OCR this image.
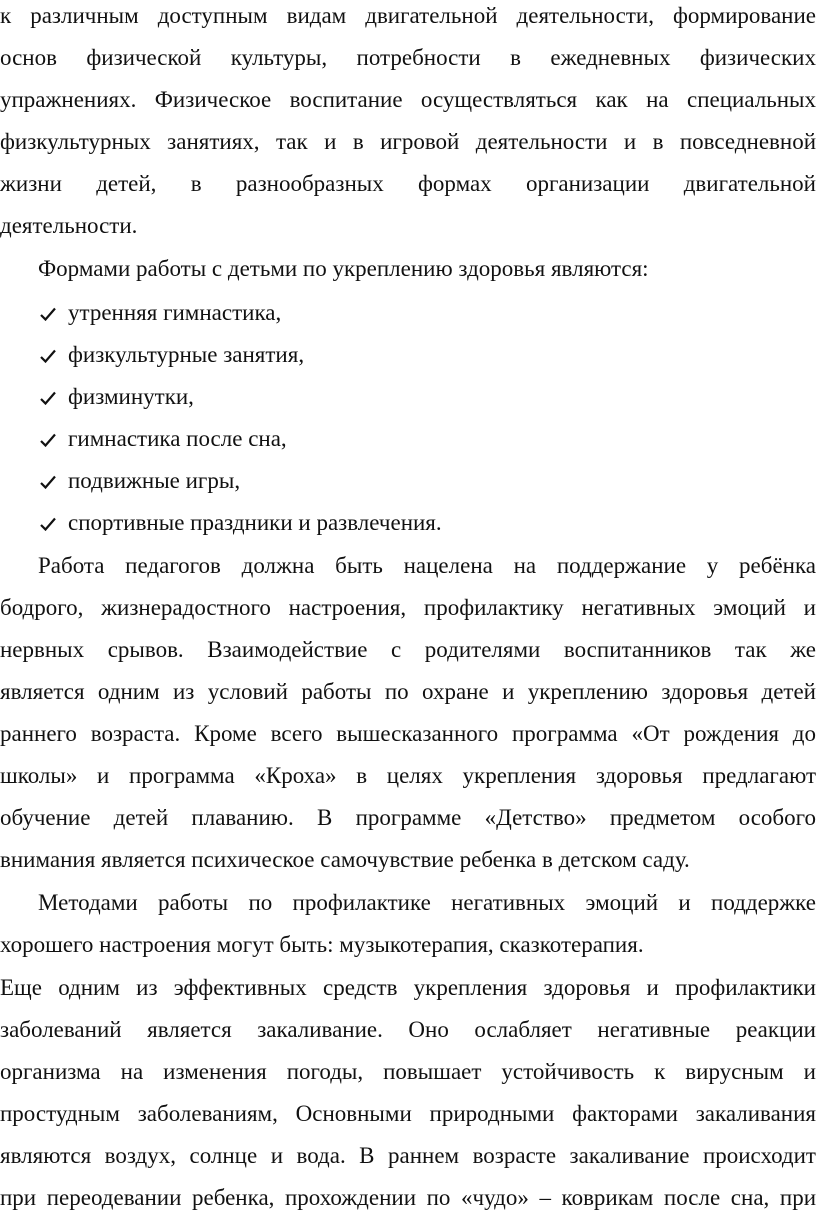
к различным доступным видам двигательной деятельности, формирование
основ физической культуры, потребности в ежедневных физических
упражнениях. Физическое воспитание осуществляться как на специальных
физкультурных занятиях, так и в игровой деятельности и в повседневной
жизни детей, в разнообразных формах организации двигательной
деятельности.
Формами работы с детьми по укреплению здоровья являются:
утренняя гимнастика,
физкультурные занятия,
физминутки,
гимнастика после сна,
подвижные игры,
спортивные праздники и развлечения.
Работа педагогов должна быть нацелена на поддержание у ребёнка
бодрого, жизнерадостного настроения, профилактику негативных эмоций и
нервных срывов. Взаимодействие с родителями воспитанников так же
является одним из условий работы по охране и укреплению здоровья детей
раннего возраста. Кроме всего вышесказанного программа «От рождения до
школы» и программа «Кроха» в целях укрепления здоровья предлагают
обучение детей плаванию. В программе «Детство» предметом особого
внимания является психическое самочувствие ребенка в детском саду.
Методами работы по профилактике негативных эмоций и поддержке
хорошего настроения могут быть: музыкотерапия, сказкотерапия.
Еще одним из эффективных средств укрепления здоровья и профилактики
заболеваний является закаливание. Оно ослабляет негативные реакции
организма на изменения погоды, повышает устойчивость к вирусным и
простудным заболеваниям, Основными природными факторами закаливания
являются воздух, солнце и вода. В раннем возрасте закаливание происходит
при переодевании ребенка, прохождении по «чудо» – коврикам после сна, при
